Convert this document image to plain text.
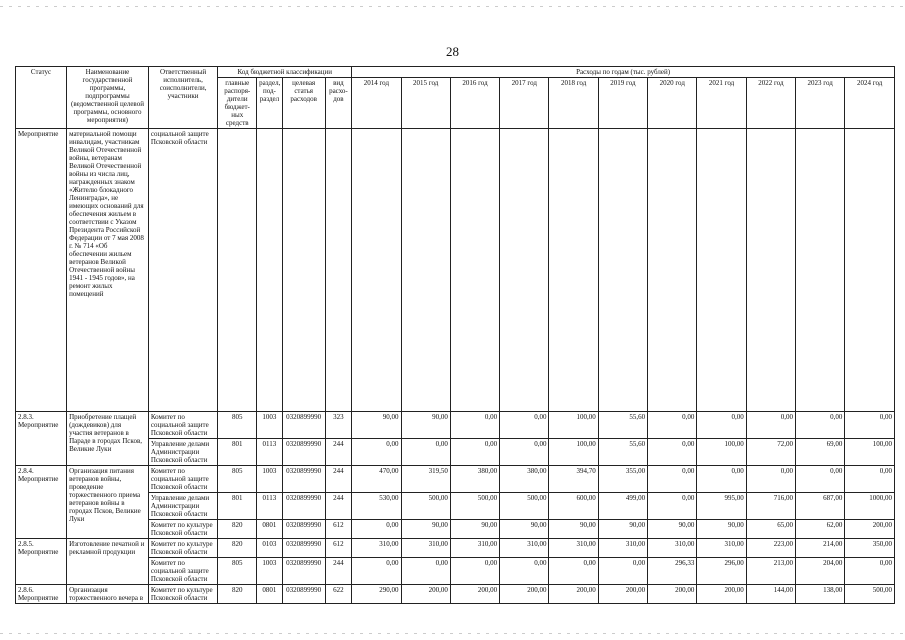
28
Статус	Наименование государственной программы, подпрограммы (ведомственной целевой программы, основного мероприятия)	Ответственный исполнитель, соисполнители, участники	Код бюджетной классификации				Расходы по годам (тыс. рублей)										
			главные распоря-дители бюджет-ных средств	раздел, под-раздел	целевая статья расходов	вид расхо-дов	2014 год	2015 год	2016 год	2017 год	2018 год	2019 год	2020 год	2021 год	2022 год	2023 год	2024 год
Мероприятие	материальной помощи инвалидам, участникам Великой Отечественной войны, ветеранам Великой Отечественной войны из числа лиц, награжденных знаком «Жителю блокадного Ленинграда», не имеющих оснований для обеспечения жильем в соответствии с Указом Президента Российской Федерации от 7 мая 2008 г. № 714 «Об обеспечении жильем ветеранов Великой Отечественной войны 1941 - 1945 годов», на ремонт жилых помещений	социальной защите Псковской области															
2.8.3. Мероприятие	Приобретение плащей (дождевиков) для участия ветеранов в Параде в городах Псков, Великие Луки	Комитет по социальной защите Псковской области	805	1003	0320899990	323	90,00	90,00	0,00	0,00	100,00	55,60	0,00	0,00	0,00	0,00	0,00
		Управление делами Администрации Псковской области	801	0113	0320899990	244	0,00	0,00	0,00	0,00	100,00	55,60	0,00	100,00	72,00	69,00	100,00
2.8.4. Мероприятие	Организация питания ветеранов войны, проведение торжественного приема ветеранов войны в городах Псков, Великие Луки	Комитет по социальной защите Псковской области	805	1003	0320899990	244	470,00	319,50	380,00	380,00	394,70	355,00	0,00	0,00	0,00	0,00	0,00
		Управление делами Администрации Псковской области	801	0113	0320899990	244	530,00	500,00	500,00	500,00	600,00	499,00	0,00	995,00	716,00	687,00	1000,00
		Комитет по культуре Псковской области	820	0801	0320899990	612	0,00	90,00	90,00	90,00	90,00	90,00	90,00	90,00	65,00	62,00	200,00
2.8.5. Мероприятие	Изготовление печатной и рекламной продукции	Комитет по культуре Псковской области	820	0103	0320899990	612	310,00	310,00	310,00	310,00	310,00	310,00	310,00	310,00	223,00	214,00	350,00
		Комитет по социальной защите Псковской области	805	1003	0320899990	244	0,00	0,00	0,00	0,00	0,00	0,00	296,33	296,00	213,00	204,00	0,00
2.8.6. Мероприятие	Организация торжественного вечера в	Комитет по культуре Псковской области	820	0801	0320899990	622	290,00	200,00	200,00	200,00	200,00	200,00	200,00	200,00	144,00	138,00	500,00
